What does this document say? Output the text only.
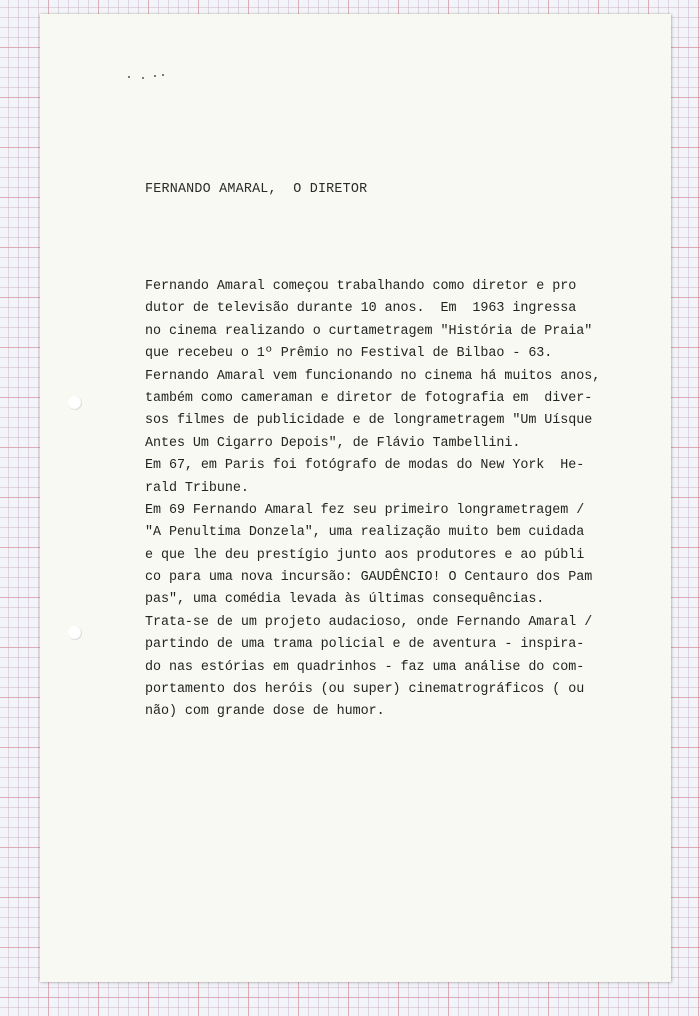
FERNANDO AMARAL,  O DIRETOR
Fernando Amaral começou trabalhando como diretor e pro
dutor de televisão durante 10 anos.  Em  1963 ingressa
no cinema realizando o curtametragem "História de Praia"
que recebeu o 1º Prêmio no Festival de Bilbao - 63.
Fernando Amaral vem funcionando no cinema há muitos anos,
também como cameraman e diretor de fotografia em  diver-
sos filmes de publicidade e de longrametragem "Um Uísque
Antes Um Cigarro Depois", de Flávio Tambellini.
Em 67, em Paris foi fotógrafo de modas do New York  He-
rald Tribune.
Em 69 Fernando Amaral fez seu primeiro longrametragem /
"A Penultima Donzela", uma realização muito bem cuidada
e que lhe deu prestígio junto aos produtores e ao públi
co para uma nova incursão: GAUDÊNCIO! O Centauro dos Pam
pas", uma comédia levada às últimas consequências.
Trata-se de um projeto audacioso, onde Fernando Amaral /
partindo de uma trama policial e de aventura - inspira-
do nas estórias em quadrinhos - faz uma análise do com-
portamento dos heróis (ou super) cinematrográficos ( ou
não) com grande dose de humor.
